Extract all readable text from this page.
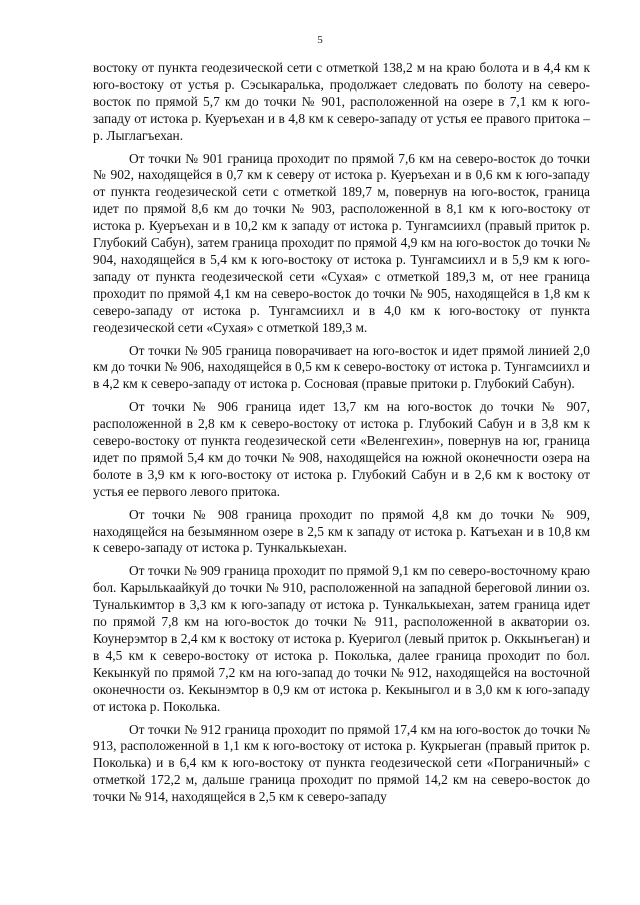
5

востоку от пункта геодезической сети с отметкой 138,2 м на краю болота и в 4,4 км к юго-востоку от устья р. Сэсыкаралька, продолжает следовать по болоту на северо-восток по прямой 5,7 км до точки № 901, расположенной на озере в 7,1 км к юго-западу от истока р. Куеръехан и в 4,8 км к северо-западу от устья ее правого притока – р. Лыглагъехан.

От точки № 901 граница проходит по прямой 7,6 км на северо-восток до точки № 902, находящейся в 0,7 км к северу от истока р. Куеръехан и в 0,6 км к юго-западу от пункта геодезической сети с отметкой 189,7 м, повернув на юго-восток, граница идет по прямой 8,6 км до точки № 903, расположенной в 8,1 км к юго-востоку от истока р. Куеръехан и в 10,2 км к западу от истока р. Тунгамсиихл (правый приток р. Глубокий Сабун), затем граница проходит по прямой 4,9 км на юго-восток до точки № 904, находящейся в 5,4 км к юго-востоку от истока р. Тунгамсиихл и в 5,9 км к юго-западу от пункта геодезической сети «Сухая» с отметкой 189,3 м, от нее граница проходит по прямой 4,1 км на северо-восток до точки № 905, находящейся в 1,8 км к северо-западу от истока р. Тунгамсиихл и в 4,0 км к юго-востоку от пункта геодезической сети «Сухая» с отметкой 189,3 м.

От точки № 905 граница поворачивает на юго-восток и идет прямой линией 2,0 км до точки № 906, находящейся в 0,5 км к северо-востоку от истока р. Тунгамсиихл и в 4,2 км к северо-западу от истока р. Сосновая (правые притоки р. Глубокий Сабун).

От точки № 906 граница идет 13,7 км на юго-восток до точки № 907, расположенной в 2,8 км к северо-востоку от истока р. Глубокий Сабун и в 3,8 км к северо-востоку от пункта геодезической сети «Веленгехин», повернув на юг, граница идет по прямой 5,4 км до точки № 908, находящейся на южной оконечности озера на болоте в 3,9 км к юго-востоку от истока р. Глубокий Сабун и в 2,6 км к востоку от устья ее первого левого притока.

От точки № 908 граница проходит по прямой 4,8 км до точки № 909, находящейся на безымянном озере в 2,5 км к западу от истока р. Катъехан и в 10,8 км к северо-западу от истока р. Тункалькыехан.

От точки № 909 граница проходит по прямой 9,1 км по северо-восточному краю бол. Карылькаайкуй до точки № 910, расположенной на западной береговой линии оз. Туналькимтор в 3,3 км к юго-западу от истока р. Тункалькыехан, затем граница идет по прямой 7,8 км на юго-восток до точки № 911, расположенной в акватории оз. Коунерэмтор в 2,4 км к востоку от истока р. Куеригол (левый приток р. Оккынъеган) и в 4,5 км к северо-востоку от истока р. Поколька, далее граница проходит по бол. Кекынкуй по прямой 7,2 км на юго-запад до точки № 912, находящейся на восточной оконечности оз. Кекынэмтор в 0,9 км от истока р. Кекыныгол и в 3,0 км к юго-западу от истока р. Поколька.

От точки № 912 граница проходит по прямой 17,4 км на юго-восток до точки № 913, расположенной в 1,1 км к юго-востоку от истока р. Кукрыеган (правый приток р. Поколька) и в 6,4 км к юго-востоку от пункта геодезической сети «Пограничный» с отметкой 172,2 м, дальше граница проходит по прямой 14,2 км на северо-восток до точки № 914, находящейся в 2,5 км к северо-западу
